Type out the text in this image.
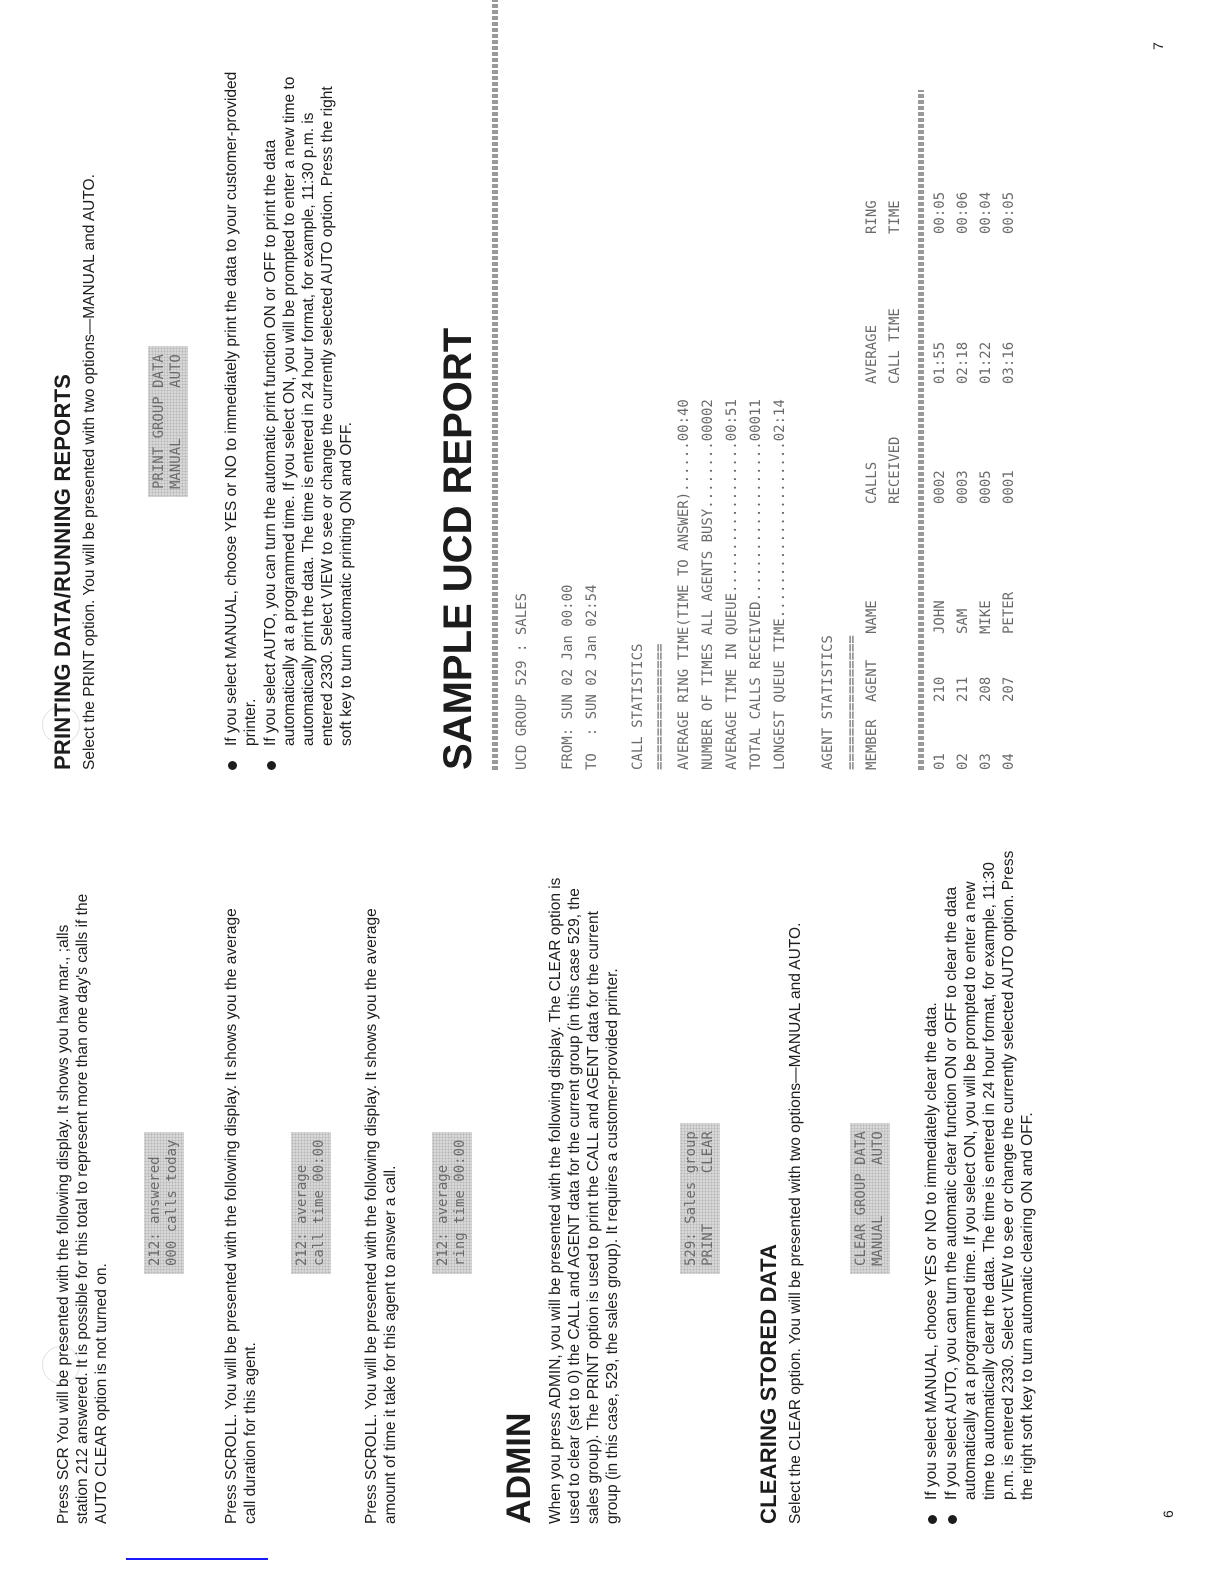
Press SCR You will be presented with the following display. It shows you haw mar., ;alls station 212 answered. It is possible for this total to represent more than one day's calls if the AUTO CLEAR option is not turned on.

212: answered
000 calls today	Press SCROLL. You will be presented with the following display. It shows you the average call duration for this agent.

212: average
call time 00:00 Press SCROLL. You will be presented with the following display. It shows you the average amount of time it take for this agent to answer a call.	212: average
ring time 00:00
ADMIN When you press ADMIN, you will be presented with the following display. The CLEAR option is used to clear (set to 0) the CALL and AGENT data for the current group (in this case 529, the sales group). The PRINT option is used to print the CALL and AGENT data for the current group (in this case, 529, the sales group). It requires a customer-provided printer.	529: Sales group
PRINT      CLEAR
CLEARING STORED DATA Select the CLEAR option. You will be presented with two options—MANUAL and AUTO.	CLEAR GROUP DATA
MANUAL      AUTO If you select MANUAL, choose YES or NO to immediately clear the data. If you select AUTO, you can turn the automatic clear function ON or OFF to clear the data automatically at a programmed time. If you select ON, you will be prompted to enter a new time to automatically clear the data. The time is entered in 24 hour format, for example, 11:30 p.m. is entered 2330. Select VIEW to see or change the currently selected AUTO option. Press the right soft key to turn automatic clearing ON and OFF.
6
PRINTING DATA/RUNNING REPORTS Select the PRINT option. You will be presented with two options—MANUAL and AUTO.	PRINT GROUP DATA
MANUAL      AUTO	If you select MANUAL, choose YES or NO to immediately print the data to your customer-provided printer. If you select AUTO, you can turn the automatic print function ON or OFF to print the data automatically at a programmed time. If you select ON, you will be prompted to enter a new time to automatically print the data. The time is entered in 24 hour format, for example, 11:30 p.m. is entered 2330. Select VIEW to see or change the currently selected AUTO option. Press the right soft key to turn automatic printing ON and OFF. SAMPLE UCD REPORT UCD GROUP 529 : SALES FROM: SUN 02 Jan 00:00 TO  : SUN 02 Jan 02:54 CALL STATISTICS =============== AVERAGE RING TIME(TIME TO ANSWER)......00:40 NUMBER OF TIMES ALL AGENTS BUSY........00002 AVERAGE TIME IN QUEUE..................00:51 TOTAL CALLS RECEIVED...................00011 LONGEST QUEUE TIME.....................02:14 AGENT STATISTICS ================ MEMBER	AGENT	NAME	CALLS	AVERAGE	RING
			RECEIVED	CALL TIME	TIME

01	210	JOHN	0002	01:55	00:05
02	211	SAM	0003	02:18	00:06
03	208	MIKE	0005	01:22	00:04
04	207	PETER	0001	03:16	00:05
7
